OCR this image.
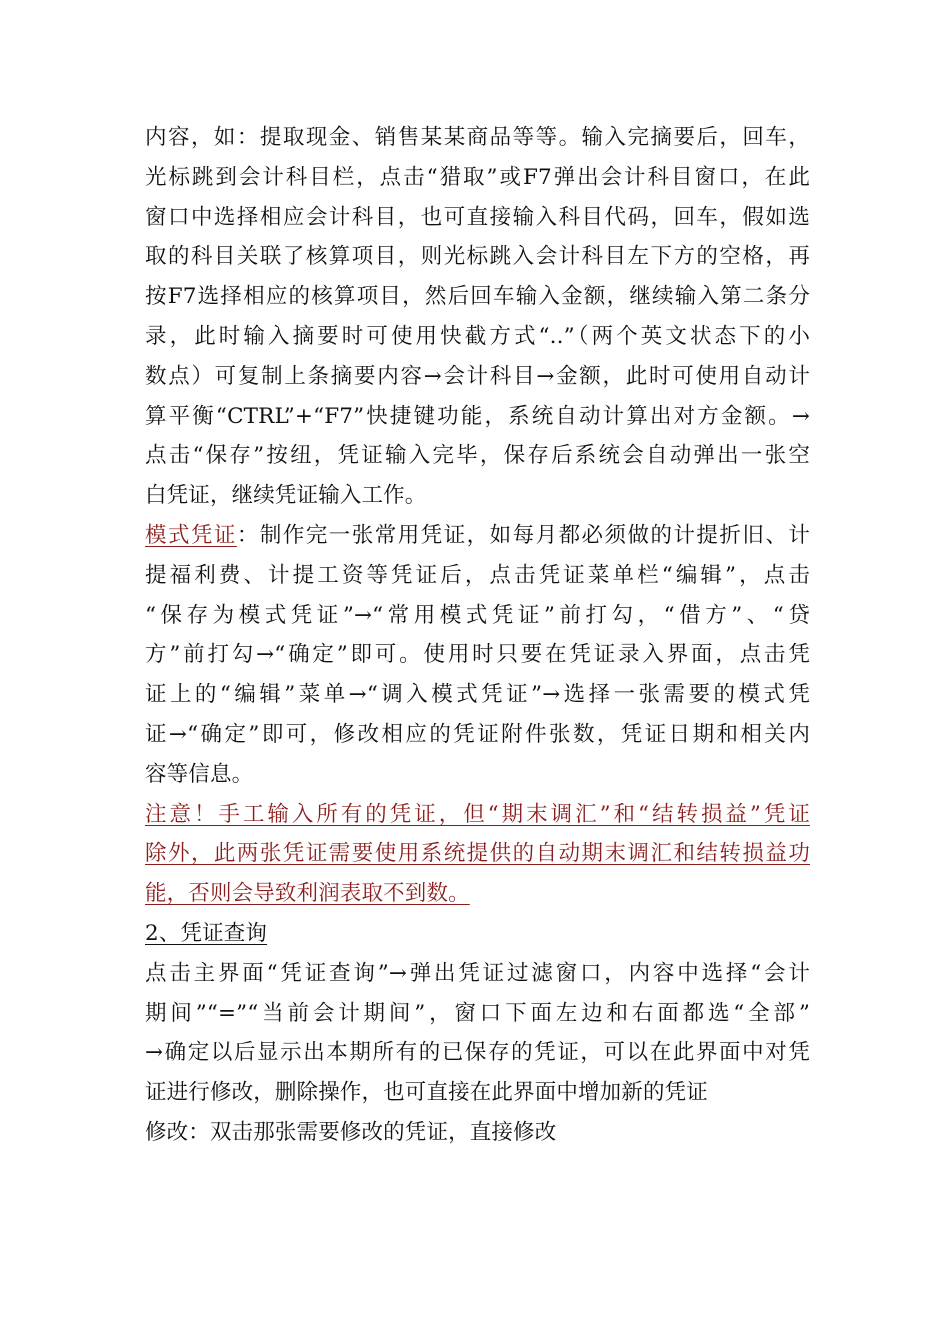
内容，如：提取现金、销售某某商品等等。输入完摘要后，回车，
光标跳到会计科目栏，点击“猎取”或F7弹出会计科目窗口，在此
窗口中选择相应会计科目，也可直接输入科目代码，回车，假如选
取的科目关联了核算项目，则光标跳入会计科目左下方的空格，再
按F7选择相应的核算项目，然后回车输入金额，继续输入第二条分
录，此时输入摘要时可使用快截方式“..”（两个英文状态下的小
数点）可复制上条摘要内容→会计科目→金额，此时可使用自动计
算平衡“CTRL”+“F7”快捷键功能，系统自动计算出对方金额。→
点击“保存”按纽，凭证输入完毕，保存后系统会自动弹出一张空
白凭证，继续凭证输入工作。
模式凭证：制作完一张常用凭证，如每月都必须做的计提折旧、计
提福利费、计提工资等凭证后，点击凭证菜单栏“编辑”，点击
“保存为模式凭证”→“常用模式凭证”前打勾，“借方”、“贷
方”前打勾→“确定”即可。使用时只要在凭证录入界面，点击凭
证上的“编辑”菜单→“调入模式凭证”→选择一张需要的模式凭
证→“确定”即可，修改相应的凭证附件张数，凭证日期和相关内
容等信息。
注意！手工输入所有的凭证，但“期末调汇”和“结转损益”凭证
除外，此两张凭证需要使用系统提供的自动期末调汇和结转损益功
能，否则会导致利润表取不到数。
2、凭证查询
点击主界面“凭证查询”→弹出凭证过滤窗口，内容中选择“会计
期间”“=”“当前会计期间”，窗口下面左边和右面都选“全部”
→确定以后显示出本期所有的已保存的凭证，可以在此界面中对凭
证进行修改，删除操作，也可直接在此界面中增加新的凭证
修改：双击那张需要修改的凭证，直接修改
